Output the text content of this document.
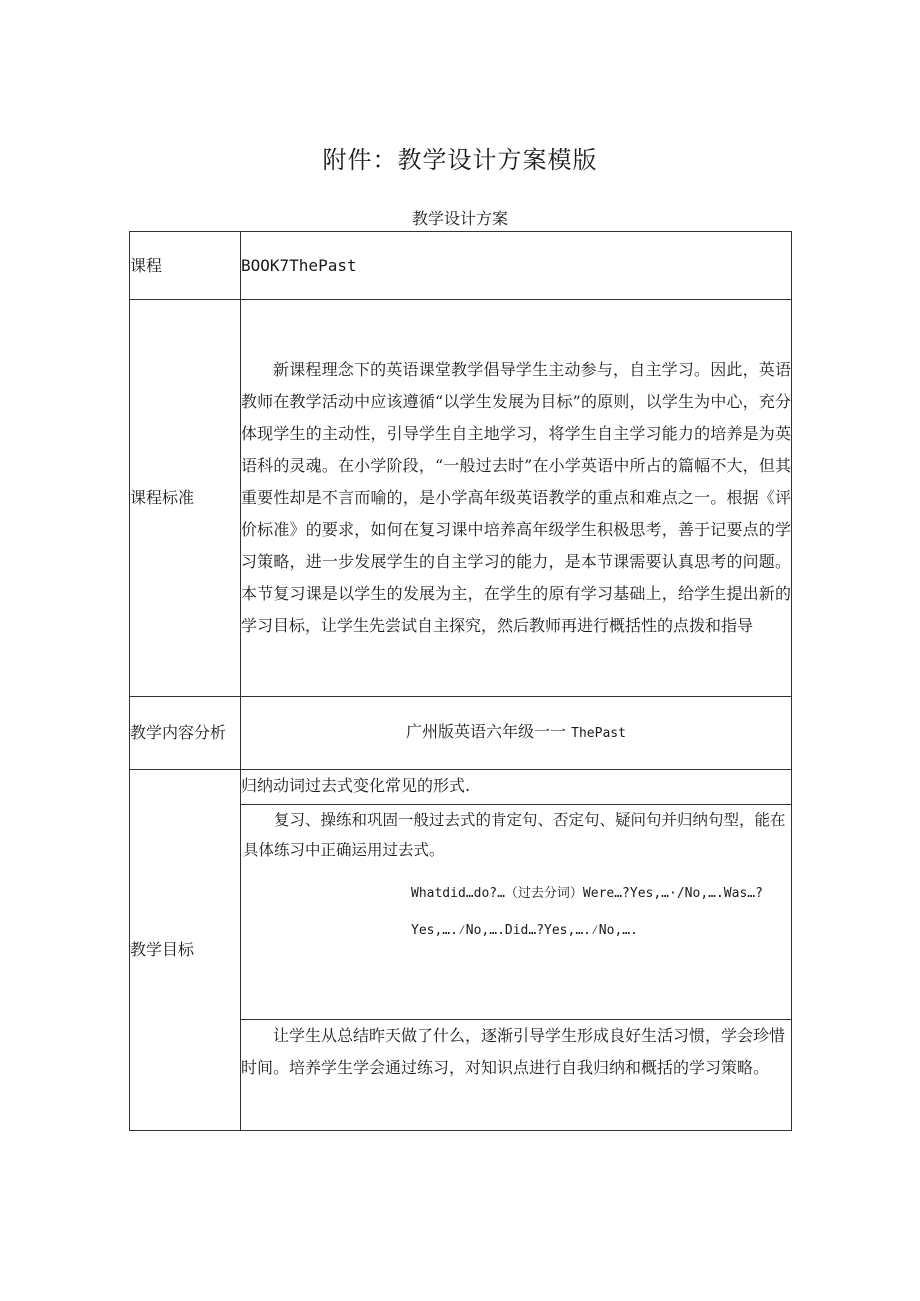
附件：教学设计方案模版
教学设计方案
课程	BOOK7ThePast
课程标准	新课程理念下的英语课堂教学倡导学生主动参与，自主学习。因此，英语教师在教学活动中应该遵循“以学生发展为目标”的原则，以学生为中心，充分体现学生的主动性，引导学生自主地学习，将学生自主学习能力的培养是为英语科的灵魂。在小学阶段，“一般过去时”在小学英语中所占的篇幅不大，但其重要性却是不言而喻的，是小学高年级英语教学的重点和难点之一。根据《评价标准》的要求，如何在复习课中培养高年级学生积极思考，善于记要点的学习策略，进一步发展学生的自主学习的能力，是本节课需要认真思考的问题。本节复习课是以学生的发展为主，在学生的原有学习基础上，给学生提出新的学习目标，让学生先尝试自主探究，然后教师再进行概括性的点拨和指导
教学内容分析	广州版英语六年级一一 ThePast
教学目标	归纳动词过去式变化常见的形式.

	复习、操练和巩固一般过去式的肯定句、否定句、疑问句并归纳句型，能在具体练习中正确运用过去式。
Whatdid…do?…（过去分词）Were…?Yes,…·/No,….Was…?Yes,….⁄No,….Did…?Yes,….⁄No,….

	让学生从总结昨天做了什么，逐渐引导学生形成良好生活习惯，学会珍惜时间。培养学生学会通过练习，对知识点进行自我归纳和概括的学习策略。
